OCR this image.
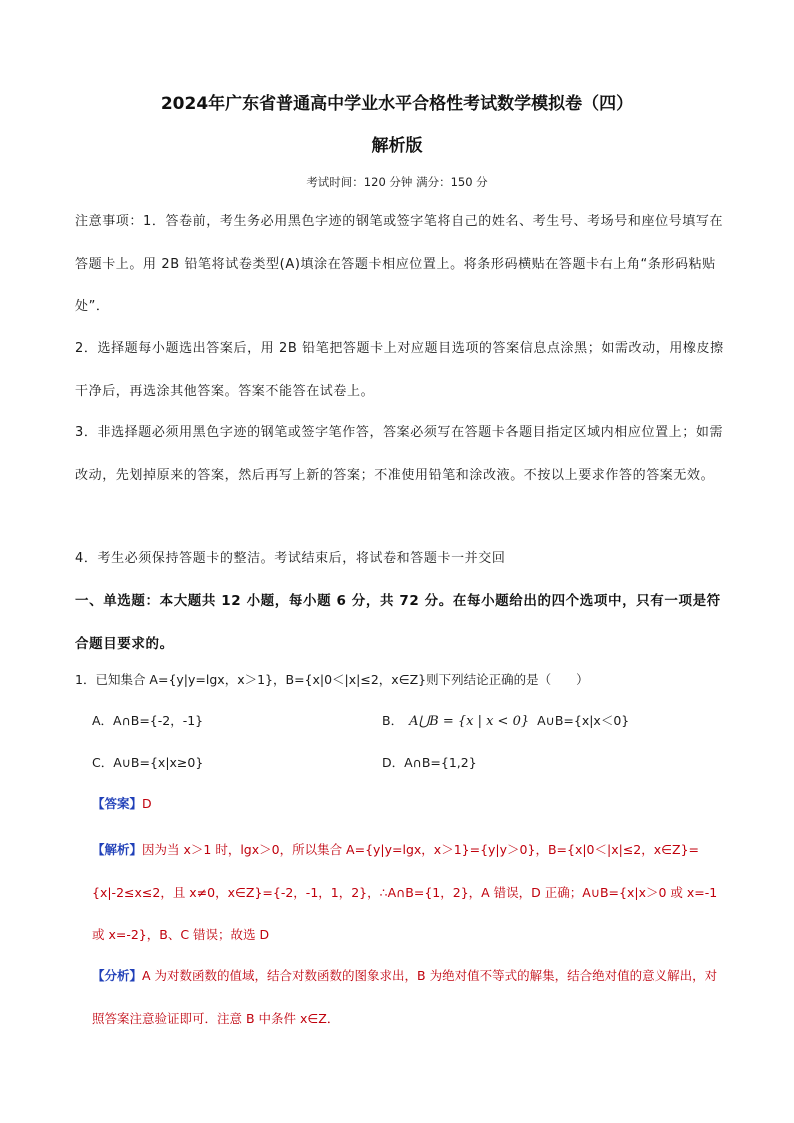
2024年广东省普通高中学业水平合格性考试数学模拟卷（四）
解析版
考试时间：120 分钟 满分：150 分
注意事项：1．答卷前，考生务必用黑色字迹的钢笔或签字笔将自己的姓名、考生号、考场号和座位号填写在答题卡上。用 2B 铅笔将试卷类型(A)填涂在答题卡相应位置上。将条形码横贴在答题卡右上角“条形码粘贴处”．
2．选择题每小题选出答案后，用 2B 铅笔把答题卡上对应题目选项的答案信息点涂黑；如需改动，用橡皮擦干净后，再选涂其他答案。答案不能答在试卷上。
3．非选择题必须用黑色字迹的钢笔或签字笔作答，答案必须写在答题卡各题目指定区域内相应位置上；如需改动，先划掉原来的答案，然后再写上新的答案；不准使用铅笔和涂改液。不按以上要求作答的答案无效。
4．考生必须保持答题卡的整洁。考试结束后，将试卷和答题卡一并交回
一、单选题：本大题共 12 小题，每小题 6 分，共 72 分。在每小题给出的四个选项中，只有一项是符合题目要求的。
1．已知集合 A={y|y=lgx，x＞1}，B={x|0＜|x|≤2，x∈Z}则下列结论正确的是（　　）
A．A∩B={-2，-1}	B． A⋃B = {x | x < 0} A∪B={x|x＜0}
C．A∪B={x|x≥0}	D．A∩B={1,2}
【答案】D
【解析】因为当 x＞1 时，lgx＞0，所以集合 A={y|y=lgx，x＞1}={y|y＞0}，B={x|0＜|x|≤2，x∈Z}={x|-2≤x≤2，且 x≠0，x∈Z}={-2，-1，1，2}，∴A∩B={1，2}，A 错误，D 正确；A∪B={x|x＞0 或 x=-1 或 x=-2}，B、C 错误；故选 D
【分析】A 为对数函数的值域，结合对数函数的图象求出，B 为绝对值不等式的解集，结合绝对值的意义解出，对照答案注意验证即可．注意 B 中条件 x∈Z．
